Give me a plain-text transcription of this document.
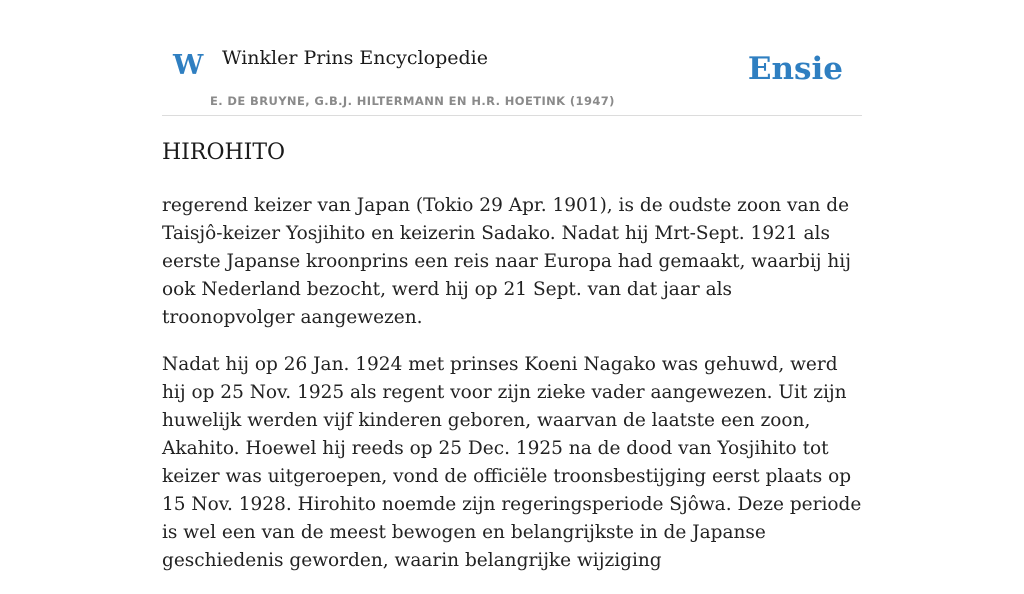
W Winkler Prins Encyclopedie
E. DE BRUYNE, G.B.J. HILTERMANN EN H.R. HOETINK (1947)
Ensie
HIROHITO

regerend keizer van Japan (Tokio 29 Apr. 1901), is de oudste zoon van de Taisjô-keizer Yosjihito en keizerin Sadako. Nadat hij Mrt-Sept. 1921 als eerste Japanse kroonprins een reis naar Europa had gemaakt, waarbij hij ook Nederland bezocht, werd hij op 21 Sept. van dat jaar als troonopvolger aangewezen.

Nadat hij op 26 Jan. 1924 met prinses Koeni Nagako was gehuwd, werd hij op 25 Nov. 1925 als regent voor zijn zieke vader aangewezen. Uit zijn huwelijk werden vijf kinderen geboren, waarvan de laatste een zoon, Akahito. Hoewel hij reeds op 25 Dec. 1925 na de dood van Yosjihito tot keizer was uitgeroepen, vond de officiële troonsbestijging eerst plaats op 15 Nov. 1928. Hirohito noemde zijn regeringsperiode Sjôwa. Deze periode is wel een van de meest bewogen en belangrijkste in de Japanse geschiedenis geworden, waarin belangrijke wijziging
